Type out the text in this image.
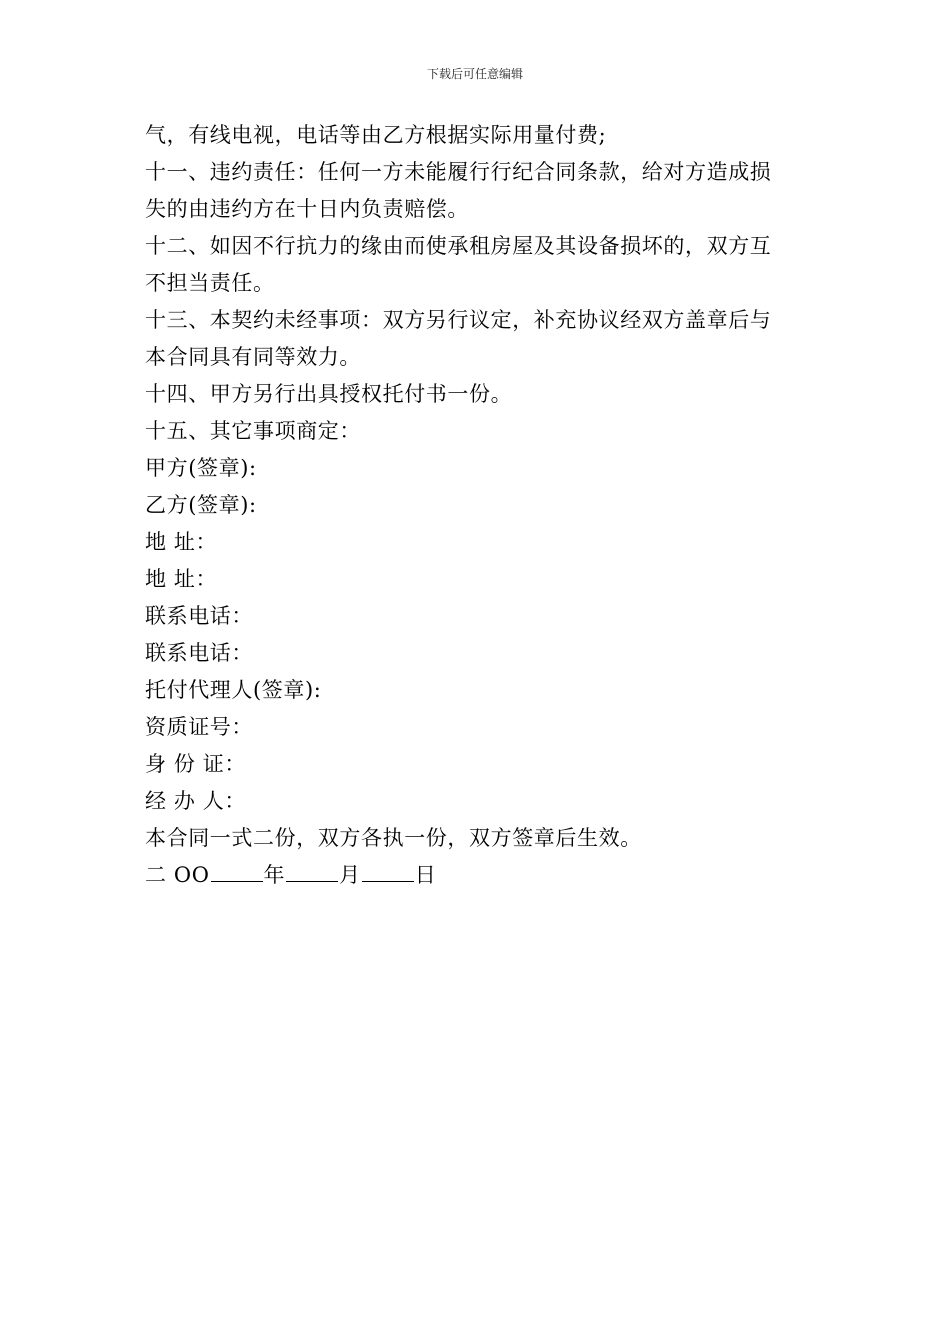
下载后可任意编辑
气，有线电视，电话等由乙方根据实际用量付费;
十一、违约责任：任何一方未能履行行纪合同条款，给对方造成损
失的由违约方在十日内负责赔偿。
十二、如因不行抗力的缘由而使承租房屋及其设备损坏的，双方互
不担当责任。
十三、本契约未经事项：双方另行议定，补充协议经双方盖章后与
本合同具有同等效力。
十四、甲方另行出具授权托付书一份。
十五、其它事项商定：
甲方(签章):
乙方(签章):
地 址：
地 址：
联系电话：
联系电话：
托付代理人(签章):
资质证号：
身 份 证：
经 办 人：
本合同一式二份，双方各执一份，双方签章后生效。
二 OO	年	月	日
